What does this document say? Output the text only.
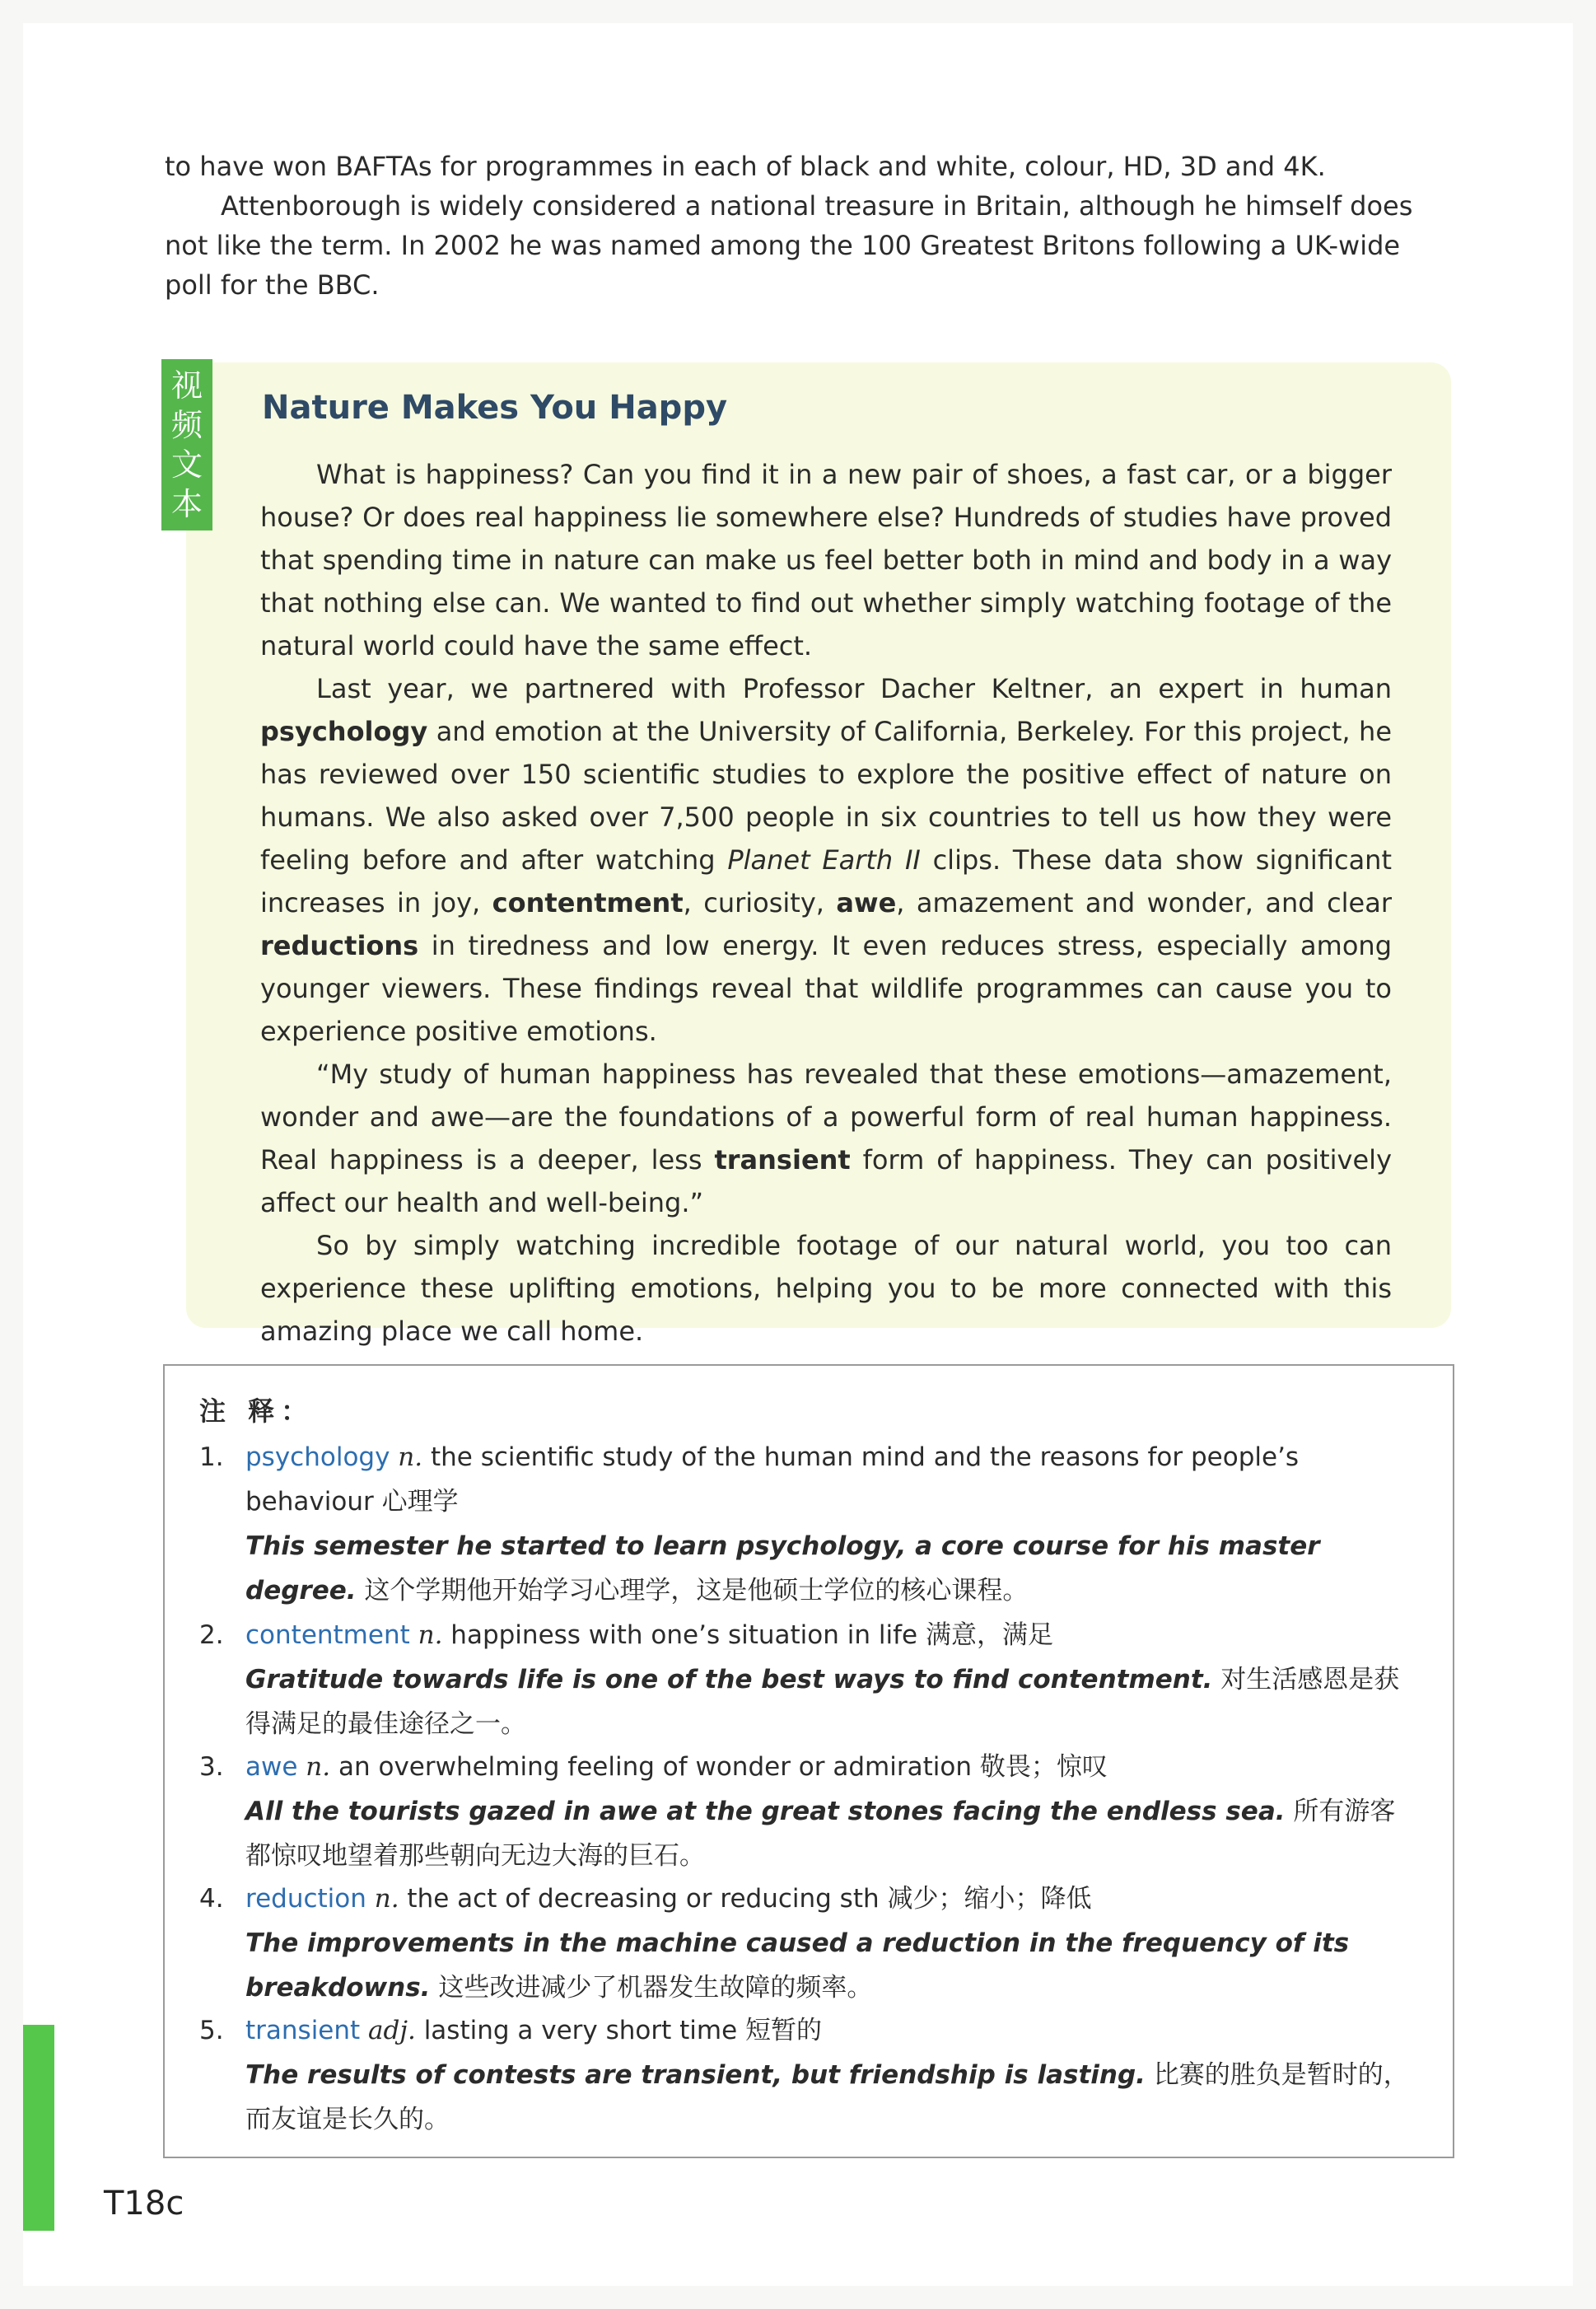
to have won BAFTAs for programmes in each of black and white, colour, HD, 3D and 4K.

Attenborough is widely considered a national treasure in Britain, although he himself does not like the term. In 2002 he was named among the 100 Greatest Britons following a UK-wide poll for the BBC.

视
频
文
本
Nature Makes You Happy

What is happiness? Can you find it in a new pair of shoes, a fast car, or a bigger house? Or does real happiness lie somewhere else? Hundreds of studies have proved that spending time in nature can make us feel better both in mind and body in a way that nothing else can. We wanted to find out whether simply watching footage of the natural world could have the same effect.

Last year, we partnered with Professor Dacher Keltner, an expert in human psychology and emotion at the University of California, Berkeley. For this project, he has reviewed over 150 scientific studies to explore the positive effect of nature on humans. We also asked over 7,500 people in six countries to tell us how they were feeling before and after watching Planet Earth II clips. These data show significant increases in joy, contentment, curiosity, awe, amazement and wonder, and clear reductions in tiredness and low energy. It even reduces stress, especially among younger viewers. These findings reveal that wildlife programmes can cause you to experience positive emotions.

“My study of human happiness has revealed that these emotions—amazement, wonder and awe—are the foundations of a powerful form of real human happiness. Real happiness is a deeper, less transient form of happiness. They can positively affect our health and well-being.”

So by simply watching incredible footage of our natural world, you too can experience these uplifting emotions, helping you to be more connected with this amazing place we call home.

注 释：
1. psychology n. the scientific study of the human mind and the reasons for people’s behaviour 心理学
This semester he started to learn psychology, a core course for his master degree. 这个学期他开始学习心理学，这是他硕士学位的核心课程。
2. contentment n. happiness with one’s situation in life 满意，满足
Gratitude towards life is one of the best ways to find contentment. 对生活感恩是获得满足的最佳途径之一。
3. awe n. an overwhelming feeling of wonder or admiration 敬畏；惊叹
All the tourists gazed in awe at the great stones facing the endless sea. 所有游客都惊叹地望着那些朝向无边大海的巨石。
4. reduction n. the act of decreasing or reducing sth 减少；缩小；降低
The improvements in the machine caused a reduction in the frequency of its breakdowns. 这些改进减少了机器发生故障的频率。
5. transient adj. lasting a very short time 短暂的
The results of contests are transient, but friendship is lasting. 比赛的胜负是暂时的，而友谊是长久的。
T18c
